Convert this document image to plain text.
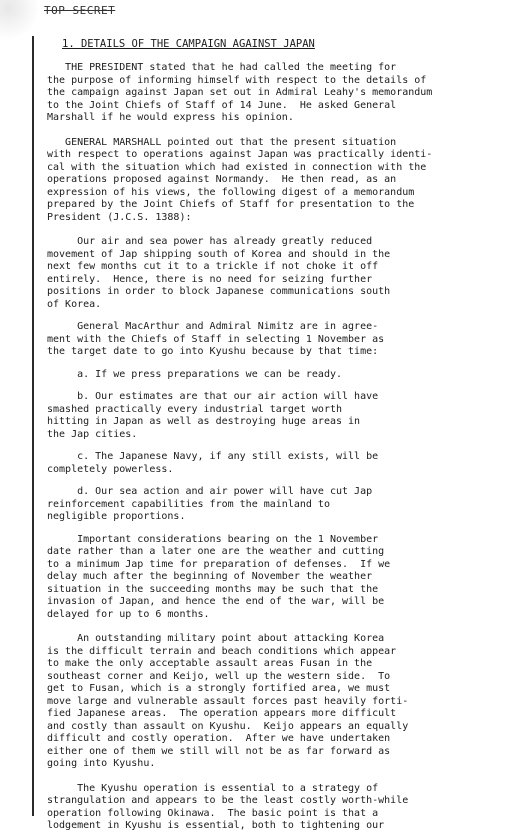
TOP SECRET
1. DETAILS OF THE CAMPAIGN AGAINST JAPAN

THE PRESIDENT stated that he had called the meeting for

the purpose of informing himself with respect to the details of

the campaign against Japan set out in Admiral Leahy's memorandum

to the Joint Chiefs of Staff of 14 June.  He asked General

Marshall if he would express his opinion.

GENERAL MARSHALL pointed out that the present situation

with respect to operations against Japan was practically identi-

cal with the situation which had existed in connection with the

operations proposed against Normandy.  He then read, as an

expression of his views, the following digest of a memorandum

prepared by the Joint Chiefs of Staff for presentation to the

President (J.C.S. 1388):

Our air and sea power has already greatly reduced

movement of Jap shipping south of Korea and should in the

next few months cut it to a trickle if not choke it off

entirely.  Hence, there is no need for seizing further

positions in order to block Japanese communications south

of Korea.

General MacArthur and Admiral Nimitz are in agree-

ment with the Chiefs of Staff in selecting 1 November as

the target date to go into Kyushu because by that time:

a. If we press preparations we can be ready.

b. Our estimates are that our air action will have

smashed practically every industrial target worth

hitting in Japan as well as destroying huge areas in

the Jap cities.

c. The Japanese Navy, if any still exists, will be

completely powerless.

d. Our sea action and air power will have cut Jap

reinforcement capabilities from the mainland to

negligible proportions.

Important considerations bearing on the 1 November

date rather than a later one are the weather and cutting

to a minimum Jap time for preparation of defenses.  If we

delay much after the beginning of November the weather

situation in the succeeding months may be such that the

invasion of Japan, and hence the end of the war, will be

delayed for up to 6 months.

An outstanding military point about attacking Korea

is the difficult terrain and beach conditions which appear

to make the only acceptable assault areas Fusan in the

southeast corner and Keijo, well up the western side.  To

get to Fusan, which is a strongly fortified area, we must

move large and vulnerable assault forces past heavily forti-

fied Japanese areas.  The operation appears more difficult

and costly than assault on Kyushu.  Keijo appears an equally

difficult and costly operation.  After we have undertaken

either one of them we still will not be as far forward as

going into Kyushu.

The Kyushu operation is essential to a strategy of

strangulation and appears to be the least costly worth-while

operation following Okinawa.  The basic point is that a

lodgement in Kyushu is essential, both to tightening our
